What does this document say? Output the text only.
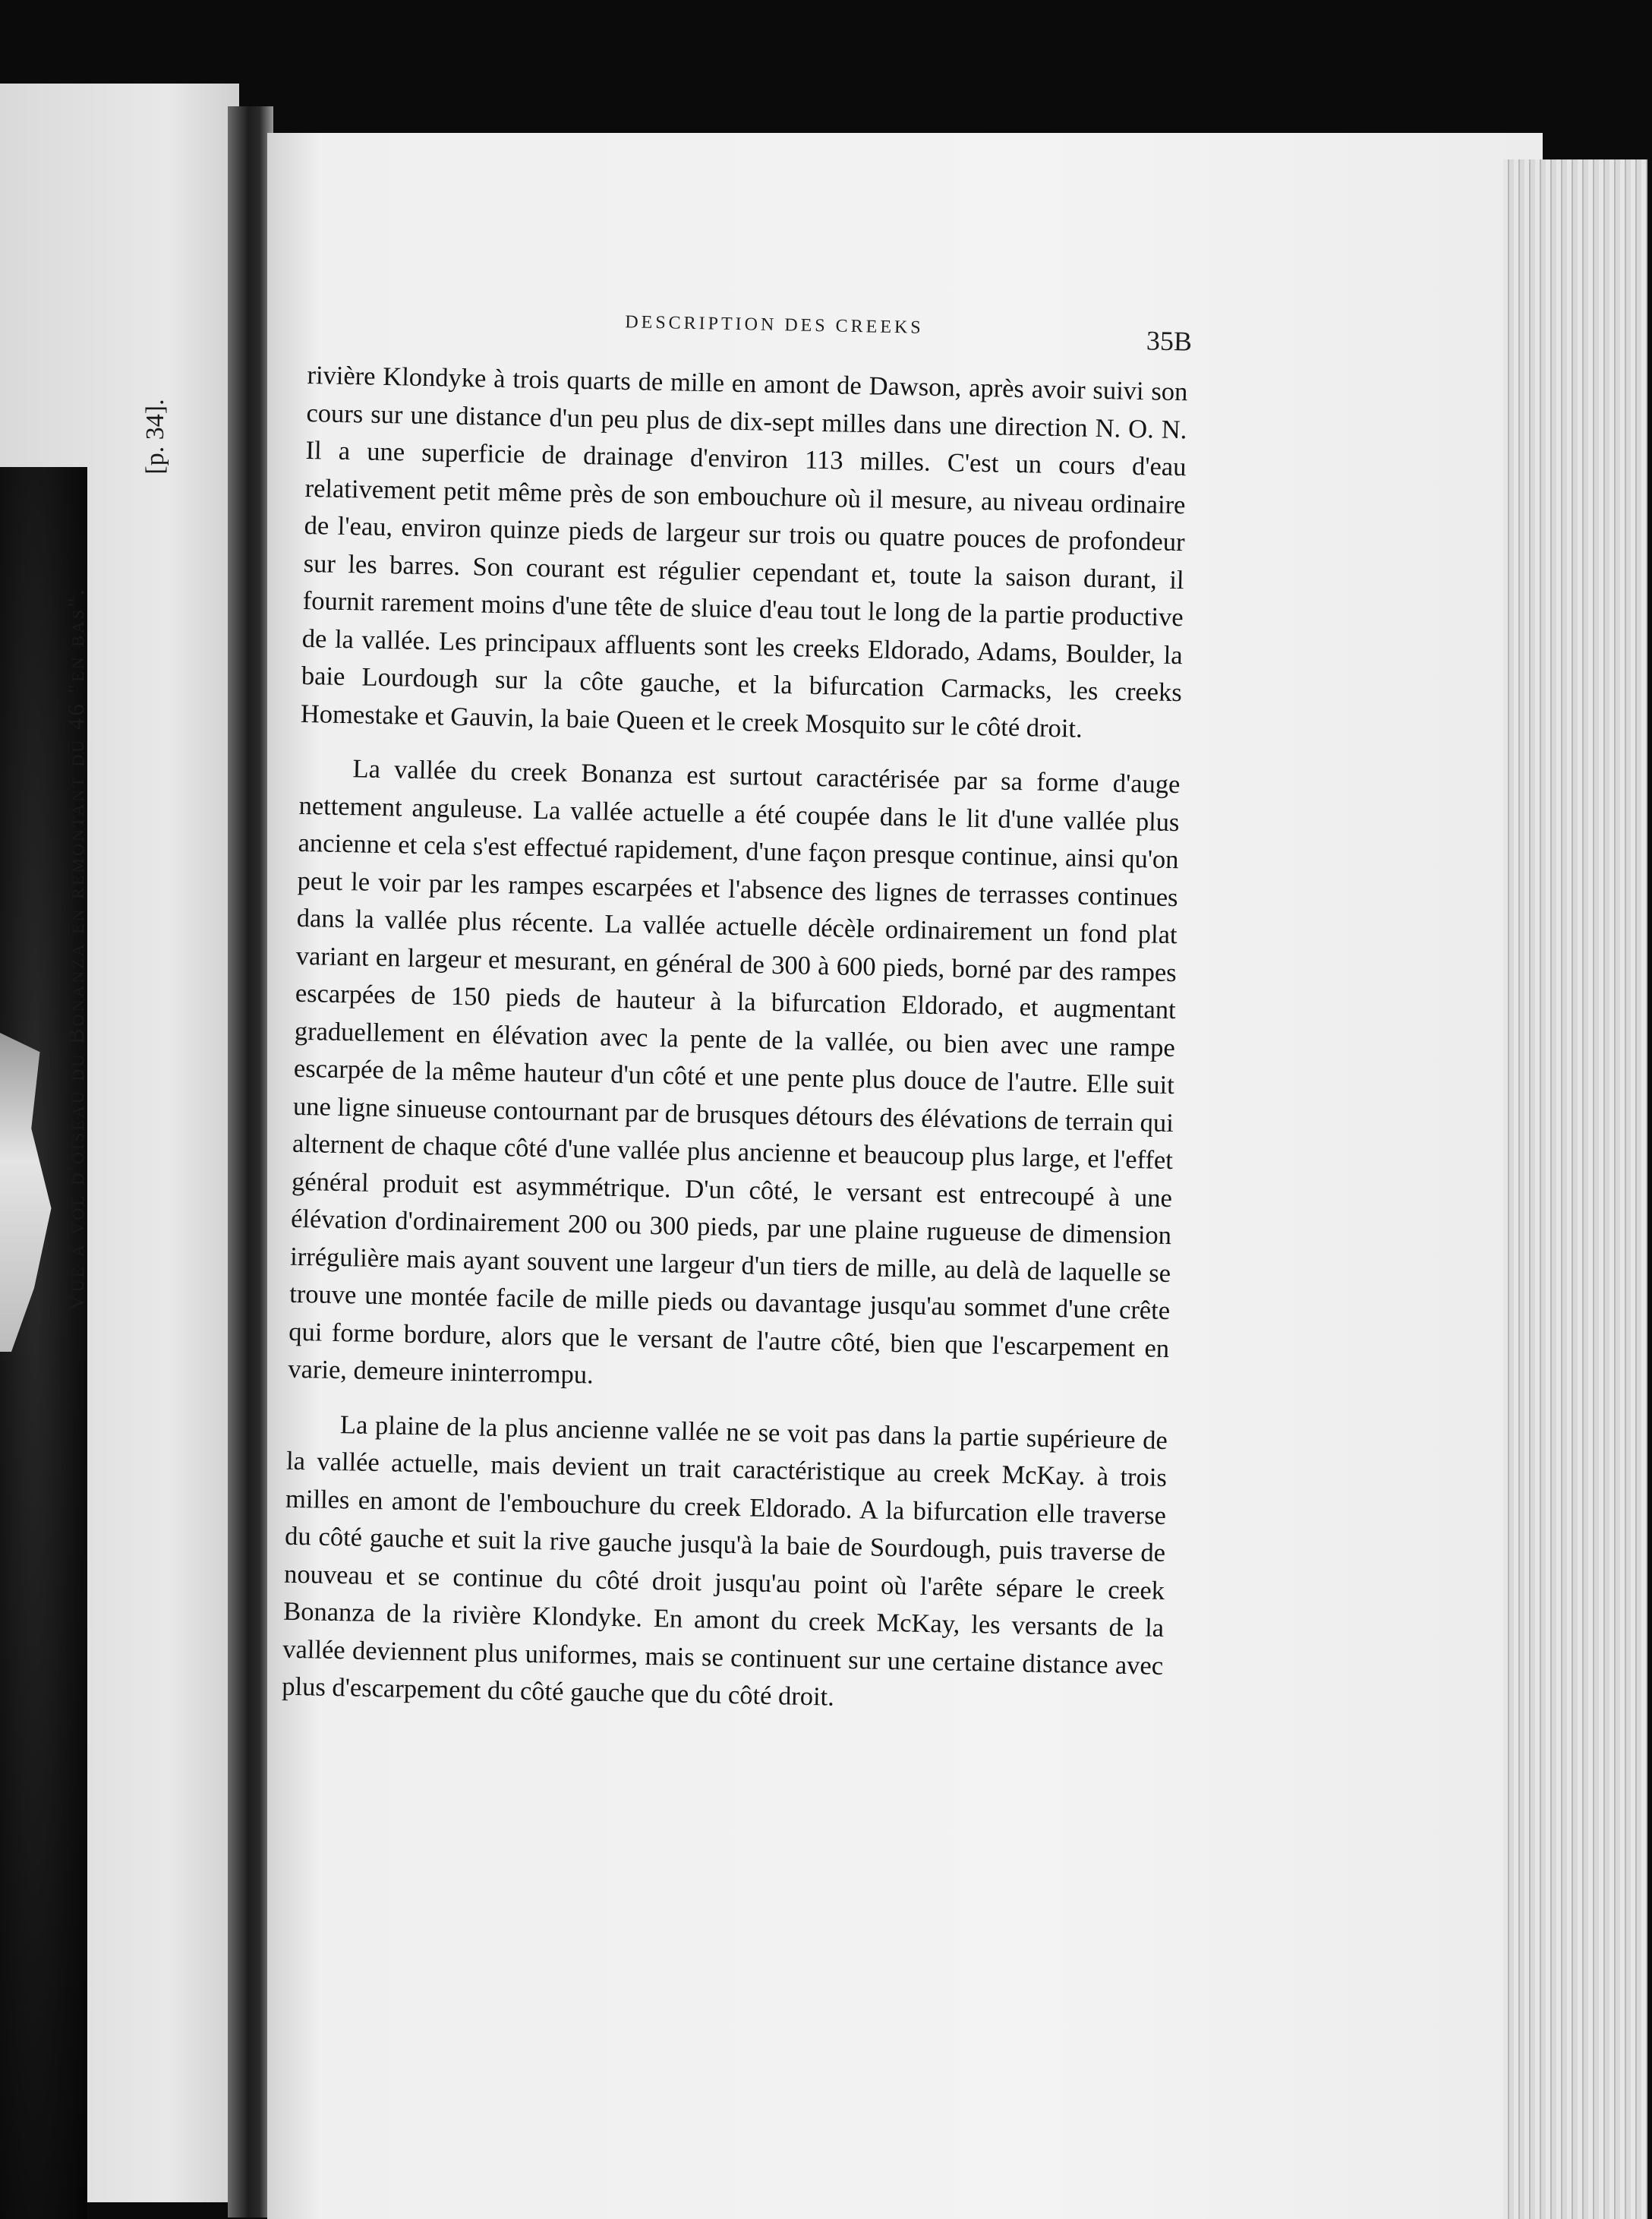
Vue à vol d'oiseau du Bonanza en remontant du 46 "en bas".
[p. 34].
DESCRIPTION DES CREEKS
35B

rivière Klondyke à trois quarts de mille en amont de Dawson, après avoir suivi son cours sur une distance d'un peu plus de dix-sept milles dans une direction N. O. N. Il a une superficie de drainage d'environ 113 milles. C'est un cours d'eau relativement petit même près de son embouchure où il mesure, au niveau ordinaire de l'eau, environ quinze pieds de largeur sur trois ou quatre pouces de profondeur sur les barres. Son courant est régulier cependant et, toute la saison durant, il fournit rarement moins d'une tête de sluice d'eau tout le long de la partie productive de la vallée. Les principaux affluents sont les creeks Eldorado, Adams, Boulder, la baie Lourdough sur la côte gauche, et la bifurcation Carmacks, les creeks Homestake et Gauvin, la baie Queen et le creek Mosquito sur le côté droit.

La vallée du creek Bonanza est surtout caractérisée par sa forme d'auge nettement anguleuse. La vallée actuelle a été coupée dans le lit d'une vallée plus ancienne et cela s'est effectué rapidement, d'une façon presque continue, ainsi qu'on peut le voir par les rampes escarpées et l'absence des lignes de terrasses continues dans la vallée plus récente. La vallée actuelle décèle ordinairement un fond plat variant en largeur et mesurant, en général de 300 à 600 pieds, borné par des rampes escarpées de 150 pieds de hauteur à la bifurcation Eldorado, et augmentant graduellement en élévation avec la pente de la vallée, ou bien avec une rampe escarpée de la même hauteur d'un côté et une pente plus douce de l'autre. Elle suit une ligne sinueuse contournant par de brusques détours des élévations de terrain qui alternent de chaque côté d'une vallée plus ancienne et beaucoup plus large, et l'effet général produit est asymmétrique. D'un côté, le versant est entrecoupé à une élévation d'ordinairement 200 ou 300 pieds, par une plaine rugueuse de dimension irrégulière mais ayant souvent une largeur d'un tiers de mille, au delà de laquelle se trouve une montée facile de mille pieds ou davantage jusqu'au sommet d'une crête qui forme bordure, alors que le versant de l'autre côté, bien que l'escarpement en varie, demeure ininterrompu.

La plaine de la plus ancienne vallée ne se voit pas dans la partie supérieure de la vallée actuelle, mais devient un trait caractéristique au creek McKay. à trois milles en amont de l'embouchure du creek Eldorado. A la bifurcation elle traverse du côté gauche et suit la rive gauche jusqu'à la baie de Sourdough, puis traverse de nouveau et se continue du côté droit jusqu'au point où l'arête sépare le creek Bonanza de la rivière Klondyke. En amont du creek McKay, les versants de la vallée deviennent plus uniformes, mais se continuent sur une certaine distance avec plus d'escarpement du côté gauche que du côté droit.
